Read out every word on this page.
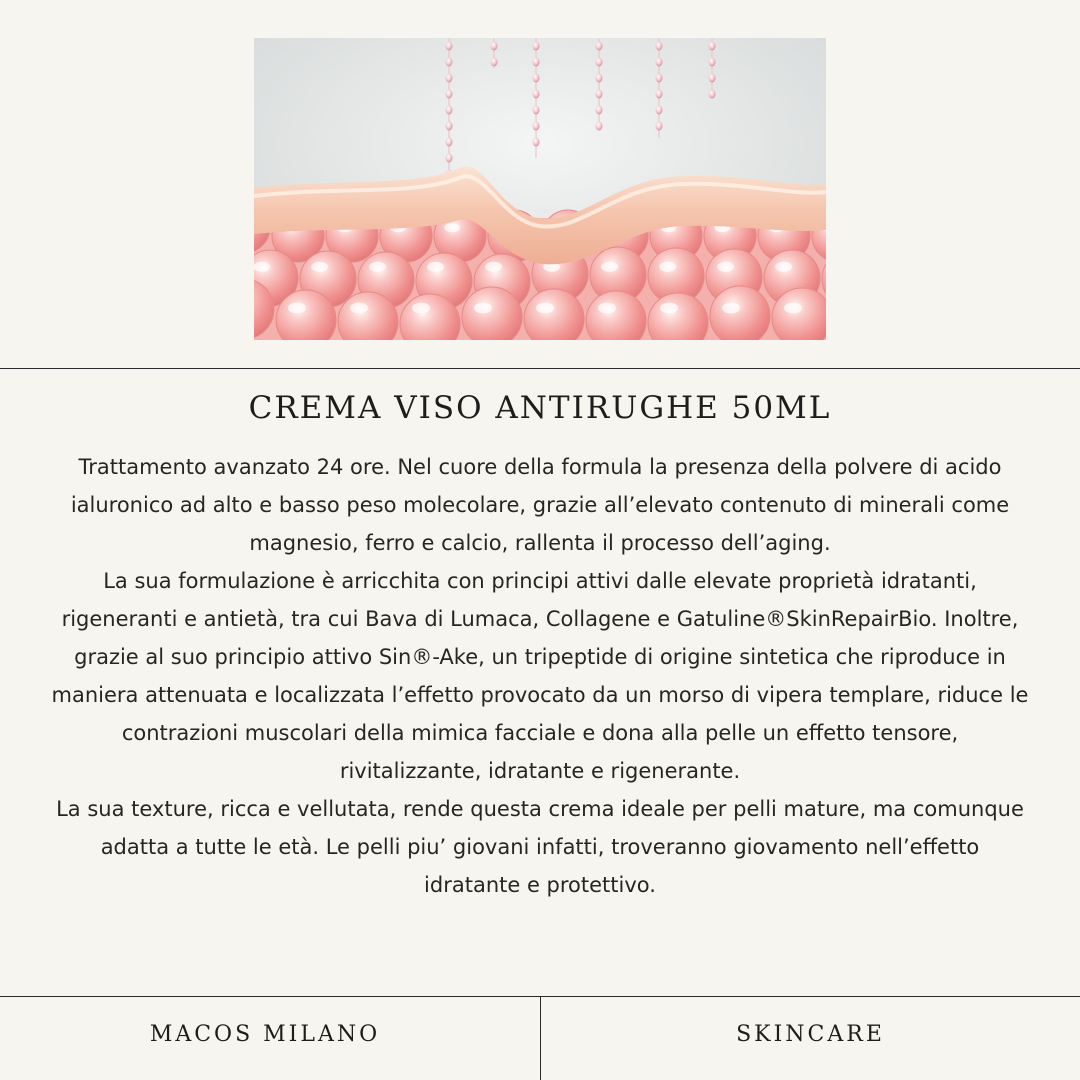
CREMA VISO ANTIRUGHE 50ML

Trattamento avanzato 24 ore. Nel cuore della formula la presenza della polvere di acido ialuronico ad alto e basso peso molecolare, grazie all’elevato contenuto di minerali come magnesio, ferro e calcio, rallenta il processo dell’aging.

La sua formulazione è arricchita con principi attivi dalle elevate proprietà idratanti, rigeneranti e antietà, tra cui Bava di Lumaca, Collagene e Gatuline®SkinRepairBio. Inoltre, grazie al suo principio attivo Sin®-Ake, un tripeptide di origine sintetica che riproduce in maniera attenuata e localizzata l’effetto provocato da un morso di vipera templare, riduce le contrazioni muscolari della mimica facciale e dona alla pelle un effetto tensore, rivitalizzante, idratante e rigenerante.

La sua texture, ricca e vellutata, rende questa crema ideale per pelli mature, ma comunque adatta a tutte le età. Le pelli piu’ giovani infatti, troveranno giovamento nell’effetto idratante e protettivo.

MACOS MILANO	SKINCARE
